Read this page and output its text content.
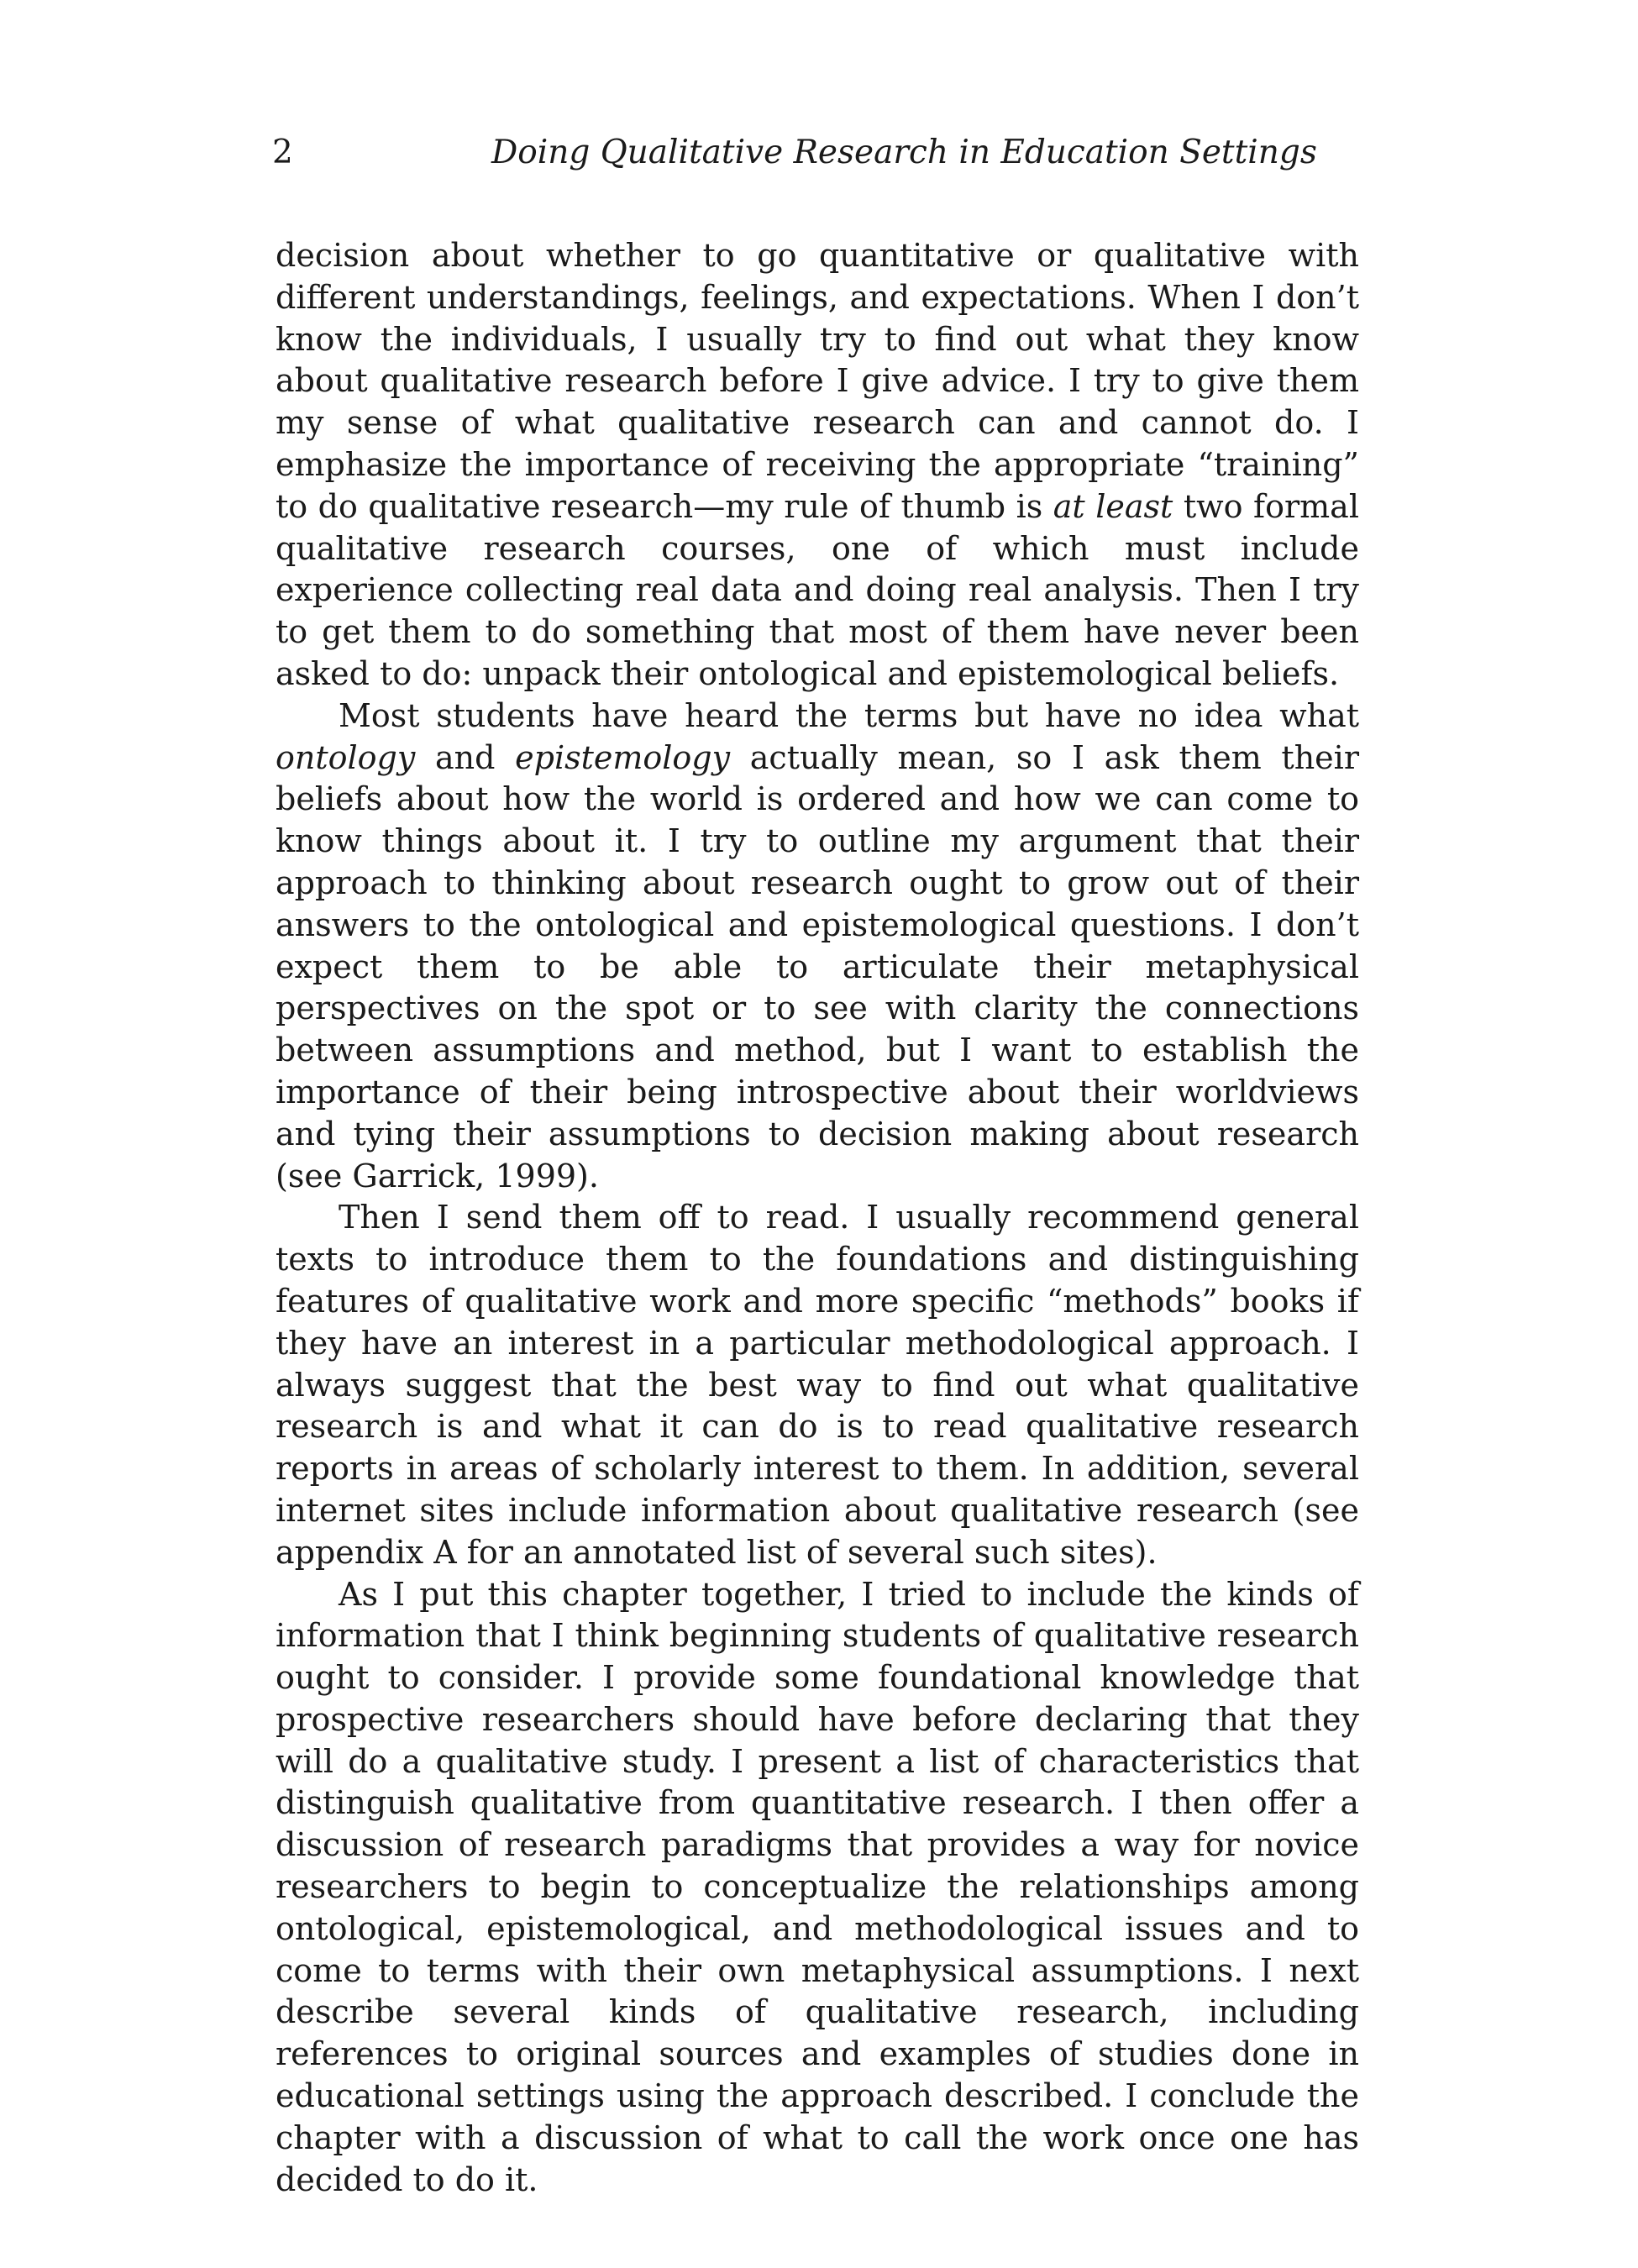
2	Doing Qualitative Research in Education Settings

decision about whether to go quantitative or qualitative with different understandings, feelings, and expectations. When I don’t know the individuals, I usually try to find out what they know about qualitative research before I give advice. I try to give them my sense of what qualitative research can and cannot do. I emphasize the importance of receiving the appropriate “training” to do qualitative research—my rule of thumb is at least two formal qualitative research courses, one of which must include experience collecting real data and doing real analysis. Then I try to get them to do something that most of them have never been asked to do: unpack their ontological and epistemological beliefs.

Most students have heard the terms but have no idea what ontology and epistemology actually mean, so I ask them their beliefs about how the world is ordered and how we can come to know things about it. I try to outline my argument that their approach to thinking about research ought to grow out of their answers to the ontological and epistemological questions. I don’t expect them to be able to articulate their metaphysical perspectives on the spot or to see with clarity the connections between assumptions and method, but I want to establish the importance of their being introspective about their worldviews and tying their assumptions to decision making about research (see Garrick, 1999).

Then I send them off to read. I usually recommend general texts to introduce them to the foundations and distinguishing features of qualitative work and more specific “methods” books if they have an interest in a particular methodological approach. I always suggest that the best way to find out what qualitative research is and what it can do is to read qualitative research reports in areas of scholarly interest to them. In addition, several internet sites include information about qualitative research (see appendix A for an annotated list of several such sites).

As I put this chapter together, I tried to include the kinds of information that I think beginning students of qualitative research ought to consider. I provide some foundational knowledge that prospective researchers should have before declaring that they will do a qualitative study. I present a list of characteristics that distinguish qualitative from quantitative research. I then offer a discussion of research paradigms that provides a way for novice researchers to begin to conceptualize the relationships among ontological, epistemological, and methodological issues and to come to terms with their own metaphysical assumptions. I next describe several kinds of qualitative research, including references to original sources and examples of studies done in educational settings using the approach described. I conclude the chapter with a discussion of what to call the work once one has decided to do it.
